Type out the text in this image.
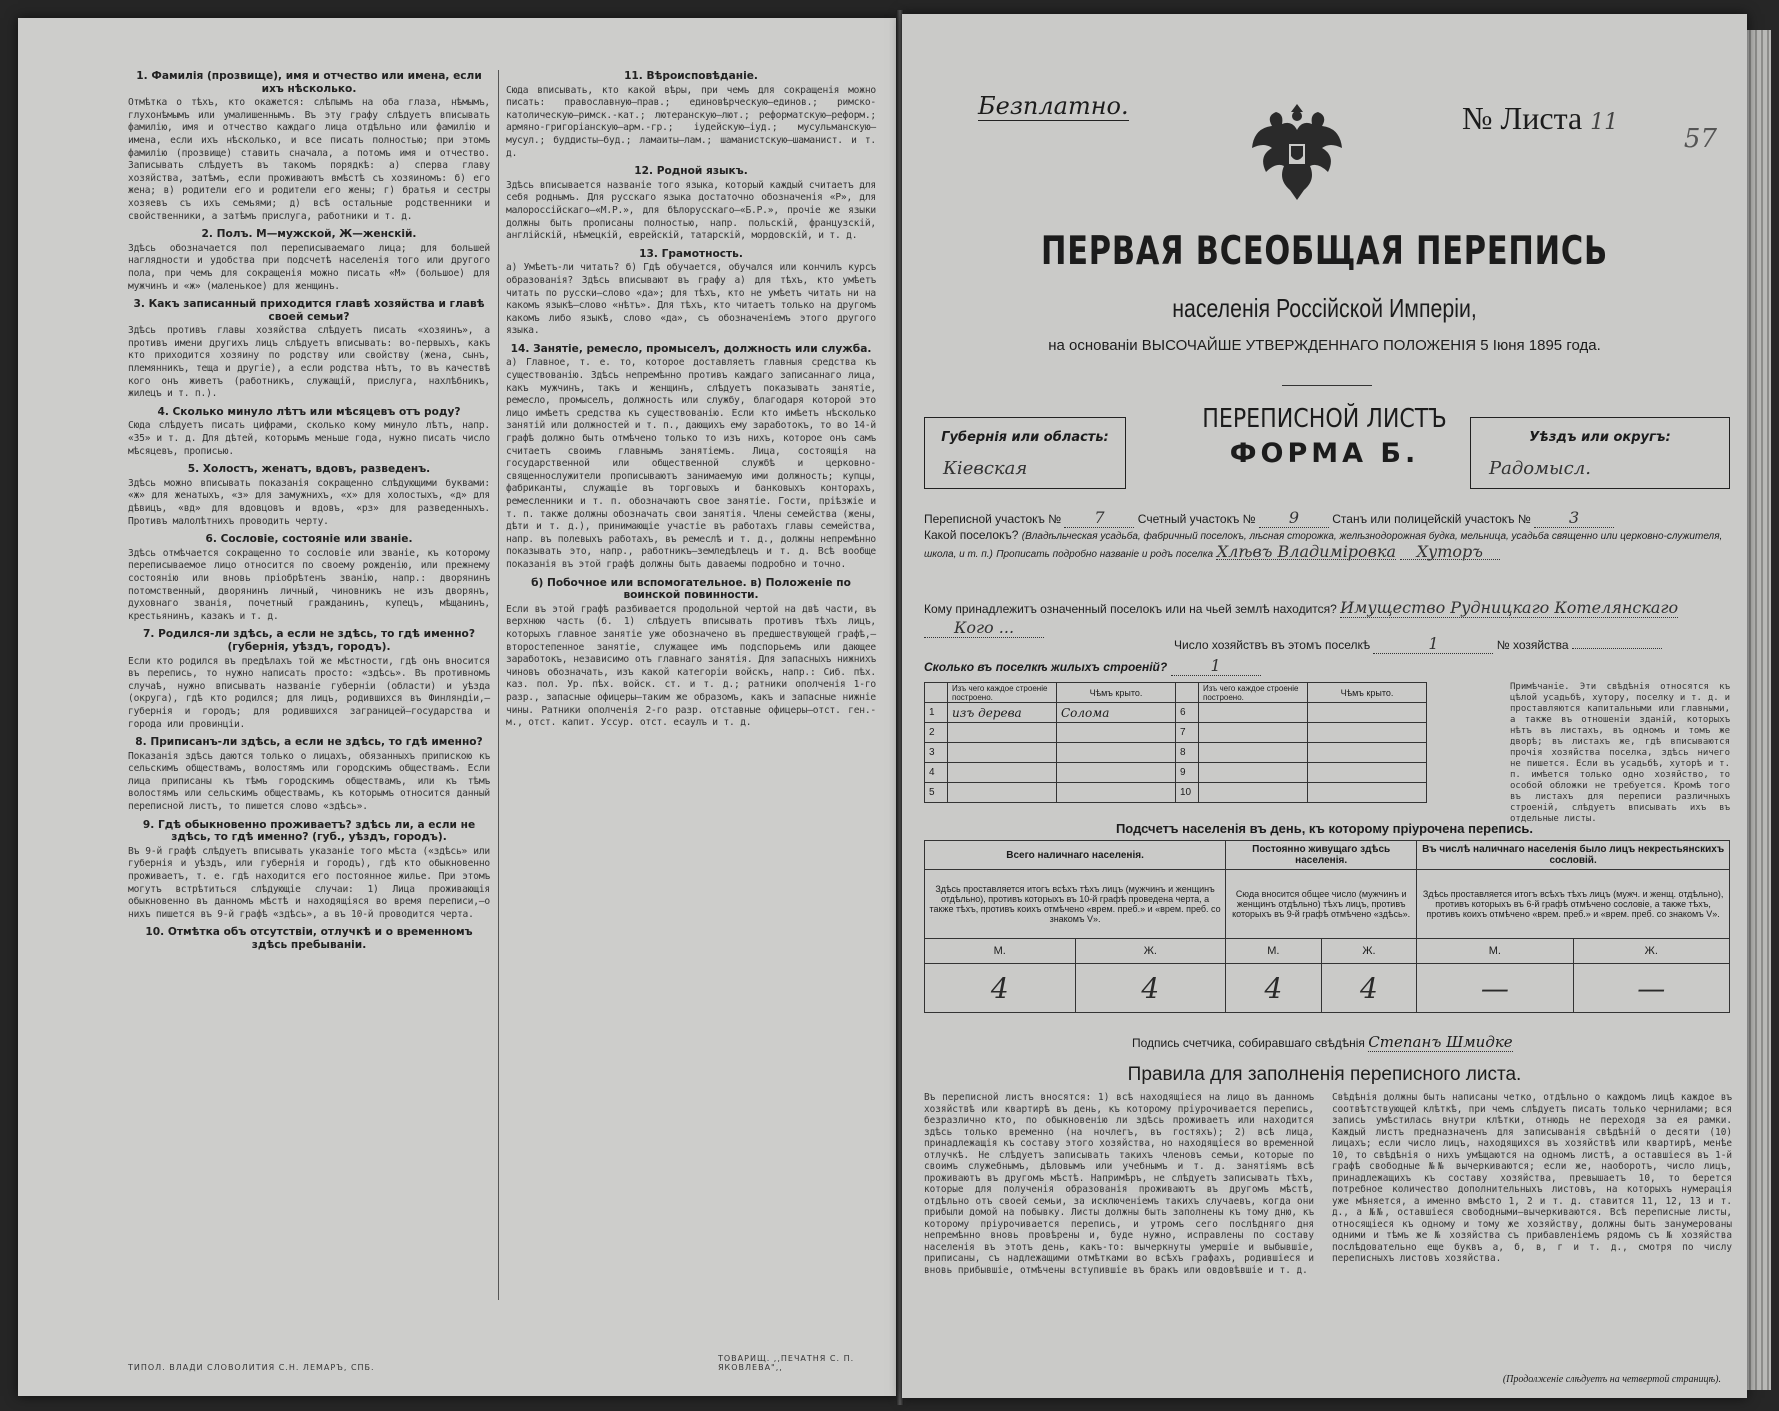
1. Фамилія (прозвище), имя и отчество или имена, если ихъ нѣсколько.
Отмѣтка о тѣхъ, кто окажется: слѣпымъ на оба глаза, нѣмымъ, глухонѣмымъ или умалишеннымъ. Въ эту графу слѣдуетъ вписывать фамилію, имя и отчество каждаго лица отдѣльно или фамилію и имена, если ихъ нѣсколько, и все писать полностью; при этомъ фамилію (прозвище) ставить сначала, а потомъ имя и отчество. Записывать слѣдуетъ въ такомъ порядкѣ: а) сперва главу хозяйства, затѣмъ, если проживаютъ вмѣстѣ съ хозяиномъ: б) его жена; в) родители его и родители его жены; г) братья и сестры хозяевъ съ ихъ семьями; д) всѣ остальные родственники и свойственники, а затѣмъ прислуга, работники и т. д.
2. Полъ. М—мужской, Ж—женскій.
Здѣсь обозначается пол переписываемаго лица; для большей наглядности и удобства при подсчетѣ населенія того или другого пола, при чемъ для сокращенія можно писать «М» (большое) для мужчинъ и «ж» (маленькое) для женщинъ.
3. Какъ записанный приходится главѣ хозяйства и главѣ своей семьи?
Здѣсь противъ главы хозяйства слѣдуетъ писать «хозяинъ», а противъ имени другихъ лицъ слѣдуетъ вписывать: во-первыхъ, какъ кто приходится хозяину по родству или свойству (жена, сынъ, племянникъ, теща и другіе), а если родства нѣтъ, то въ качествѣ кого онъ живетъ (работникъ, служащій, прислуга, нахлѣбникъ, жилецъ и т. п.).
4. Сколько минуло лѣтъ или мѣсяцевъ отъ роду?
Сюда слѣдуетъ писать цифрами, сколько кому минуло лѣтъ, напр. «35» и т. д. Для дѣтей, которымъ меньше года, нужно писать число мѣсяцевъ, прописью.
5. Холостъ, женатъ, вдовъ, разведенъ.
Здѣсь можно вписывать показанія сокращенно слѣдующими буквами: «ж» для женатыхъ, «з» для замужнихъ, «х» для холостыхъ, «д» для дѣвицъ, «вд» для вдовцовъ и вдовъ, «рз» для разведенныхъ. Противъ малолѣтнихъ проводить черту.
6. Сословіе, состояніе или званіе.
Здѣсь отмѣчается сокращенно то сословіе или званіе, къ которому переписываемое лицо относится по своему рожденію, или прежнему состоянію или вновь пріобрѣтенъ званію, напр.: дворянинъ потомственный, дворянинъ личный, чиновникъ не изъ дворянъ, духовнаго званія, почетный гражданинъ, купецъ, мѣщанинъ, крестьянинъ, казакъ и т. д.
7. Родился-ли здѣсь, а если не здѣсь, то гдѣ именно? (губернія, уѣздъ, городъ).
Если кто родился въ предѣлахъ той же мѣстности, гдѣ онъ вносится въ перепись, то нужно написать просто: «здѣсь». Въ противномъ случаѣ, нужно вписывать названіе губерніи (области) и уѣзда (округа), гдѣ кто родился; для лицъ, родившихся въ Финляндіи,—губернія и городъ; для родившихся заграницей—государства и города или провинціи.
8. Приписанъ-ли здѣсь, а если не здѣсь, то гдѣ именно?
Показанія здѣсь даются только о лицахъ, обязанныхъ припискою къ сельскимъ обществамъ, волостямъ или городскимъ обществамъ. Если лица приписаны къ тѣмъ городскимъ обществамъ, или къ тѣмъ волостямъ или сельскимъ обществамъ, къ которымъ относится данный переписной листъ, то пишется слово «здѣсь».
9. Гдѣ обыкновенно проживаетъ? здѣсь ли, а если не здѣсь, то гдѣ именно? (губ., уѣздъ, городъ).
Въ 9-й графѣ слѣдуетъ вписывать указаніе того мѣста («здѣсь» или губернія и уѣздъ, или губернія и городъ), гдѣ кто обыкновенно проживаетъ, т. е. гдѣ находится его постоянное жилье. При этомъ могутъ встрѣтиться слѣдующіе случаи: 1) Лица проживающія обыкновенно въ данномъ мѣстѣ и находящіяся во время переписи,—о нихъ пишется въ 9-й графѣ «здѣсь», а въ 10-й проводится черта.
10. Отмѣтка объ отсутствіи, отлучкѣ и о временномъ здѣсь пребываніи.
11. Вѣроисповѣданіе.
Сюда вписывать, кто какой вѣры, при чемъ для сокращенія можно писать: православную—прав.; единовѣрческую—единов.; римско-католическую—римск.-кат.; лютеранскую—лют.; реформатскую—реформ.; армяно-григоріанскую—арм.-гр.; іудейскую—іуд.; мусульманскую—мусул.; буддисты—буд.; ламаиты—лам.; шаманистскую—шаманист. и т. д.
12. Родной языкъ.
Здѣсь вписывается названіе того языка, который каждый считаетъ для себя роднымъ. Для русскаго языка достаточно обозначенія «Р», для малороссійскаго—«М.Р.», для бѣлорусскаго—«Б.Р.», прочіе же языки должны быть прописаны полностью, напр. польскій, французскій, англійскій, нѣмецкій, еврейскій, татарскій, мордовскій, и т. д.
13. Грамотность.
а) Умѣетъ-ли читать? б) Гдѣ обучается, обучался или кончилъ курсъ образованія? Здѣсь вписывают въ графу а) для тѣхъ, кто умѣетъ читать по русски—слово «да»; для тѣхъ, кто не умѣетъ читать ни на какомъ языкѣ—слово «нѣтъ». Для тѣхъ, кто читаетъ только на другомъ какомъ либо языкѣ, слово «да», съ обозначеніемъ этого другого языка.
14. Занятіе, ремесло, промыселъ, должность или служба.
а) Главное, т. е. то, которое доставляетъ главныя средства къ существованію. Здѣсь непремѣнно противъ каждаго записаннаго лица, какъ мужчинъ, такъ и женщинъ, слѣдуетъ показывать занятіе, ремесло, промыселъ, должность или службу, благодаря которой это лицо имѣетъ средства къ существованію. Если кто имѣетъ нѣсколько занятій или должностей и т. п., дающихъ ему заработокъ, то во 14-й графѣ должно быть отмѣчено только то изъ нихъ, которое онъ самъ считаетъ своимъ главнымъ занятіемъ. Лица, состоящія на государственной или общественной службѣ и церковно-священнослужители прописываютъ занимаемую ими должность; купцы, фабриканты, служащіе въ торговыхъ и банковыхъ конторахъ, ремесленники и т. п. обозначаютъ свое занятіе. Гости, пріѣзжіе и т. п. также должны обозначать свои занятія. Члены семейства (жены, дѣти и т. д.), принимающіе участіе въ работахъ главы семейства, напр. въ полевыхъ работахъ, въ ремеслѣ и т. д., должны непремѣнно показывать это, напр., работникъ—земледѣлецъ и т. д. Всѣ вообще показанія въ этой графѣ должны быть даваемы подробно и точно.
б) Побочное или вспомогательное. в) Положеніе по воинской повинности.
Если въ этой графѣ разбивается продольной чертой на двѣ части, въ верхнюю часть (б. 1) слѣдуетъ вписывать противъ тѣхъ лицъ, которыхъ главное занятіе уже обозначено въ предшествующей графѣ,—второстепенное занятіе, служащее имъ подспорьемъ или дающее заработокъ, независимо отъ главнаго занятія. Для запасныхъ нижнихъ чиновъ обозначать, изъ какой категоріи войскъ, напр.: Сиб. пѣх. каз. пол. Ур. пѣх. войск. ст. и т. д.; ратники ополченія 1-го разр., запасные офицеры—таким же образомъ, какъ и запасные нижніе чины. Ратники ополченія 2-го разр. отставные офицеры—отст. ген.-м., отст. капит. Уссур. отст. есаулъ и т. д.
ТИПОЛ. ВЛАДИ СЛОВОЛИТИЯ С.Н. ЛЕМАРЪ, СПБ.
ТОВАРИЩ. ,,ПЕЧАТНЯ С. П. ЯКОВЛЕВА",,
Безплатно.	№ Листа 11
57
ПЕРВАЯ ВСЕОБЩАЯ ПЕРЕПИСЬ
населенія Россійской Имперіи,
на основаніи ВЫСОЧАЙШЕ УТВЕРЖДЕННАГО ПОЛОЖЕНІЯ 5 Іюня 1895 года.
Губернія или область:
Кіевская
ПЕРЕПИСНОЙ ЛИСТЪ
ФОРМА Б.
Уѣздъ или округъ:
Радомысл.
Переписной участокъ № 7	Счетный участокъ № 9	Станъ или полицейскій участокъ № 3
Какой поселокъ? (Владѣльческая усадьба, фабричный поселокъ, лѣсная сторожка, желѣзнодорожная будка, мельница, усадьба священно или церковно-служителя, школа, и т. п.) Прописать подробно названіе и родъ поселка Хлѣвъ Владиміровка Хуторъ
Кому принадлежитъ означенный поселокъ или на чьей землѣ находится? Имущество Рудницкаго Котелянскаго Кого ...
Число хозяйствъ въ этомъ поселкѣ	1	№ хозяйства
Сколько въ поселкѣ жилыхъ строеній?	1
	Изъ чего каждое строеніе построено.	Чѣмъ крыто.		Изъ чего каждое строеніе построено.	Чѣмъ крыто.
1	изъ дерева	Солома	6		
2			7		
3			8		
4			9		
5			10		
Примѣчаніе. Эти свѣдѣнія относятся къ цѣлой усадьбѣ, хутору, поселку и т. д. и проставляются капитальными или главными, а также въ отношеніи зданій, которыхъ нѣтъ въ листахъ, въ одномъ и томъ же дворѣ; въ листахъ же, гдѣ вписываются прочія хозяйства поселка, здѣсь ничего не пишется. Если въ усадьбѣ, хуторѣ и т. п. имѣется только одно хозяйство, то особой обложки не требуется. Кромѣ того въ листахъ для переписи различныхъ строеній, слѣдуетъ вписывать ихъ въ отдельные листы.
Подсчетъ населенія въ день, къ которому пріурочена перепись.
Всего наличнаго населенія.		Постоянно живущаго здѣсь населенія.		Въ числѣ наличнаго населенія было лицъ некрестьянскихъ сословій.	
Здѣсь проставляется итогъ всѣхъ тѣхъ лицъ (мужчинъ и женщинъ отдѣльно), противъ которыхъ въ 10-й графѣ проведена черта, а также тѣхъ, противъ коихъ отмѣчено «врем. преб.» и «врем. преб. со знакомъ V».		Сюда вносится общее число (мужчинъ и женщинъ отдѣльно) тѣхъ лицъ, противъ которыхъ въ 9-й графѣ отмѣчено «здѣсь».		Здѣсь проставляется итогъ всѣхъ тѣхъ лицъ (мужч. и женщ. отдѣльно), противъ которыхъ въ 6-й графѣ отмѣчено сословіе, а также тѣхъ, противъ коихъ отмѣчено «врем. преб.» и «врем. преб. со знакомъ V».	
М.	Ж.	М.	Ж.	М.	Ж.
4	4	4	4	—	—
Подпись счетчика, собиравшаго свѣдѣнія Степанъ Шмидке
Правила для заполненія переписного листа.
Въ переписной листъ вносятся: 1) всѣ находящіеся на лицо въ данномъ хозяйствѣ или квартирѣ въ день, къ которому пріурочивается перепись, безразлично кто, по обыкновенію ли здѣсь проживаетъ или находится здѣсь только временно (на ночлегъ, въ гостяхъ); 2) всѣ лица, принадлежащія къ составу этого хозяйства, но находящіеся во временной отлучкѣ. Не слѣдуетъ записывать такихъ членовъ семьи, которые по своимъ служебнымъ, дѣловымъ или учебнымъ и т. д. занятіямъ всѣ проживаютъ въ другомъ мѣстѣ. Напримѣръ, не слѣдуетъ записывать тѣхъ, которые для полученія образованія проживаютъ въ другомъ мѣстѣ, отдѣльно отъ своей семьи, за исключеніемъ такихъ случаевъ, когда они прибыли домой на побывку. Листы должны быть заполнены къ тому дню, къ которому пріурочивается перепись, и утромъ сего послѣдняго дня непремѣнно вновь провѣрены и, буде нужно, исправлены по составу населенія въ этотъ день, какъ-то: вычеркнуты умершіе и выбывшіе, приписаны, съ надлежащими отмѣтками во всѣхъ графахъ, родившіеся и вновь прибывшіе, отмѣчены вступившіе въ бракъ или овдовѣвшіе и т. д.
Свѣдѣнія должны быть написаны четко, отдѣльно о каждомъ лицѣ каждое въ соотвѣтствующей клѣткѣ, при чемъ слѣдуетъ писать только чернилами; вся запись умѣстилась внутри клѣтки, отнюдь не переходя за ея рамки. Каждый листъ предназначенъ для записыванія свѣдѣній о десяти (10) лицахъ; если число лицъ, находящихся въ хозяйствѣ или квартирѣ, менѣе 10, то свѣдѣнія о нихъ умѣщаются на одномъ листѣ, а оставшіеся въ 1-й графѣ свободные №№ вычеркиваются; если же, наоборотъ, число лицъ, принадлежащихъ къ составу хозяйства, превышаетъ 10, то берется потребное количество дополнительныхъ листовъ, на которыхъ нумерація уже мѣняется, а именно вмѣсто 1, 2 и т. д. ставится 11, 12, 13 и т. д., а №№, оставшіеся свободными—вычеркиваются. Всѣ переписные листы, относящіеся къ одному и тому же хозяйству, должны быть занумерованы одними и тѣмъ же № хозяйства съ прибавленіемъ рядомъ съ № хозяйства послѣдовательно еще буквъ а, б, в, г и т. д., смотря по числу переписныхъ листовъ хозяйства.
(Продолженіе слѣдуетъ на четвертой страницѣ).
